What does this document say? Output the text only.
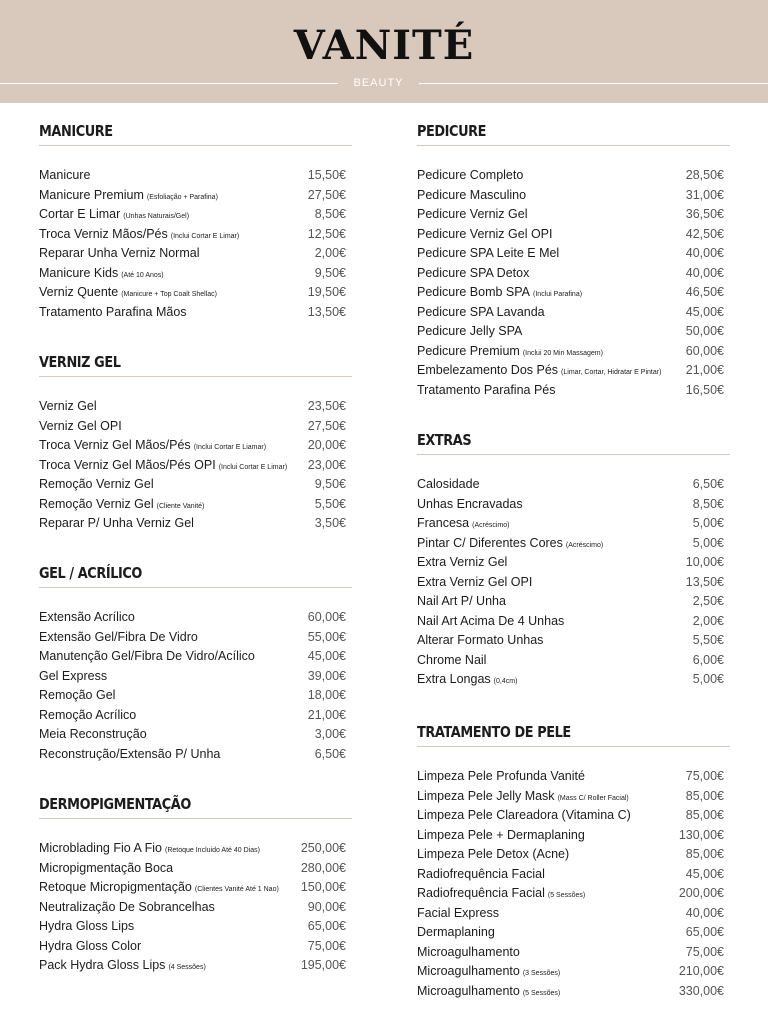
VANITÉ
BEAUTY
MANICURE
Manicure	15,50€
Manicure Premium (Esfoliação + Parafina)	27,50€
Cortar E Limar (Unhas Naturais/Gel)	8,50€
Troca Verniz Mãos/Pés (Inclui Cortar E Limar)	12,50€
Reparar Unha Verniz Normal	2,00€
Manicure Kids (Até 10 Anos)	9,50€
Verniz Quente (Manicure + Top Coalt Shellac)	19,50€
Tratamento Parafina Mãos	13,50€
VERNIZ GEL
Verniz Gel	23,50€
Verniz Gel OPI	27,50€
Troca Verniz Gel Mãos/Pés (Inclui Cortar E Liamar)	20,00€
Troca Verniz Gel Mãos/Pés OPI (Inclui Cortar E Limar) 23,00€
Remoção Verniz Gel	9,50€
Remoção Verniz Gel (Cliente Vanité)	5,50€
Reparar P/ Unha Verniz Gel	3,50€
GEL / ACRÍLICO
Extensão Acrílico	60,00€
Extensão Gel/Fibra De Vidro	55,00€
Manutenção Gel/Fibra De Vidro/Acílico	45,00€
Gel Express	39,00€
Remoção Gel	18,00€
Remoção Acrílico	21,00€
Meia Reconstrução	3,00€
Reconstrução/Extensão P/ Unha	6,50€
DERMOPIGMENTAÇÃO
Microblading Fio A Fio (Retoque Incluido Até 40 Dias)	250,00€
Micropigmentação Boca	280,00€
Retoque Micropigmentação (Clientes Vanité Até 1 Nao) 150,00€
Neutralização De Sobrancelhas	90,00€
Hydra Gloss Lips	65,00€
Hydra Gloss Color	75,00€
Pack Hydra Gloss Lips (4 Sessões)	195,00€
PEDICURE
Pedicure Completo	28,50€
Pedicure Masculino	31,00€
Pedicure Verniz Gel	36,50€
Pedicure Verniz Gel OPI	42,50€
Pedicure SPA Leite E Mel	40,00€
Pedicure SPA Detox	40,00€
Pedicure Bomb SPA (Inclui Parafina)	46,50€
Pedicure SPA Lavanda	45,00€
Pedicure Jelly SPA	50,00€
Pedicure Premium (Inclui 20 Min Massagem)	60,00€
Embelezamento Dos Pés (Limar, Cortar, Hidratar E Pintar) 21,00€
Tratamento Parafina Pés	16,50€
EXTRAS
Calosidade	6,50€
Unhas Encravadas	8,50€
Francesa (Acréscimo)	5,00€
Pintar C/ Diferentes Cores (Acréscimo)	5,00€
Extra Verniz Gel	10,00€
Extra Verniz Gel OPI	13,50€
Nail Art P/ Unha	2,50€
Nail Art Acima De 4 Unhas	2,00€
Alterar Formato Unhas	5,50€
Chrome Nail	6,00€
Extra Longas (0,4cm)	5,00€
TRATAMENTO DE PELE
Limpeza Pele Profunda Vanité	75,00€
Limpeza Pele Jelly Mask (Mass C/ Roller Facial)	85,00€
Limpeza Pele Clareadora (Vitamina C)	85,00€
Limpeza Pele + Dermaplaning	130,00€
Limpeza Pele Detox (Acne)	85,00€
Radiofrequência Facial	45,00€
Radiofrequência Facial (5 Sessões)	200,00€
Facial Express	40,00€
Dermaplaning	65,00€
Microagulhamento	75,00€
Microagulhamento (3 Sessões)	210,00€
Microagulhamento (5 Sessões)	330,00€
